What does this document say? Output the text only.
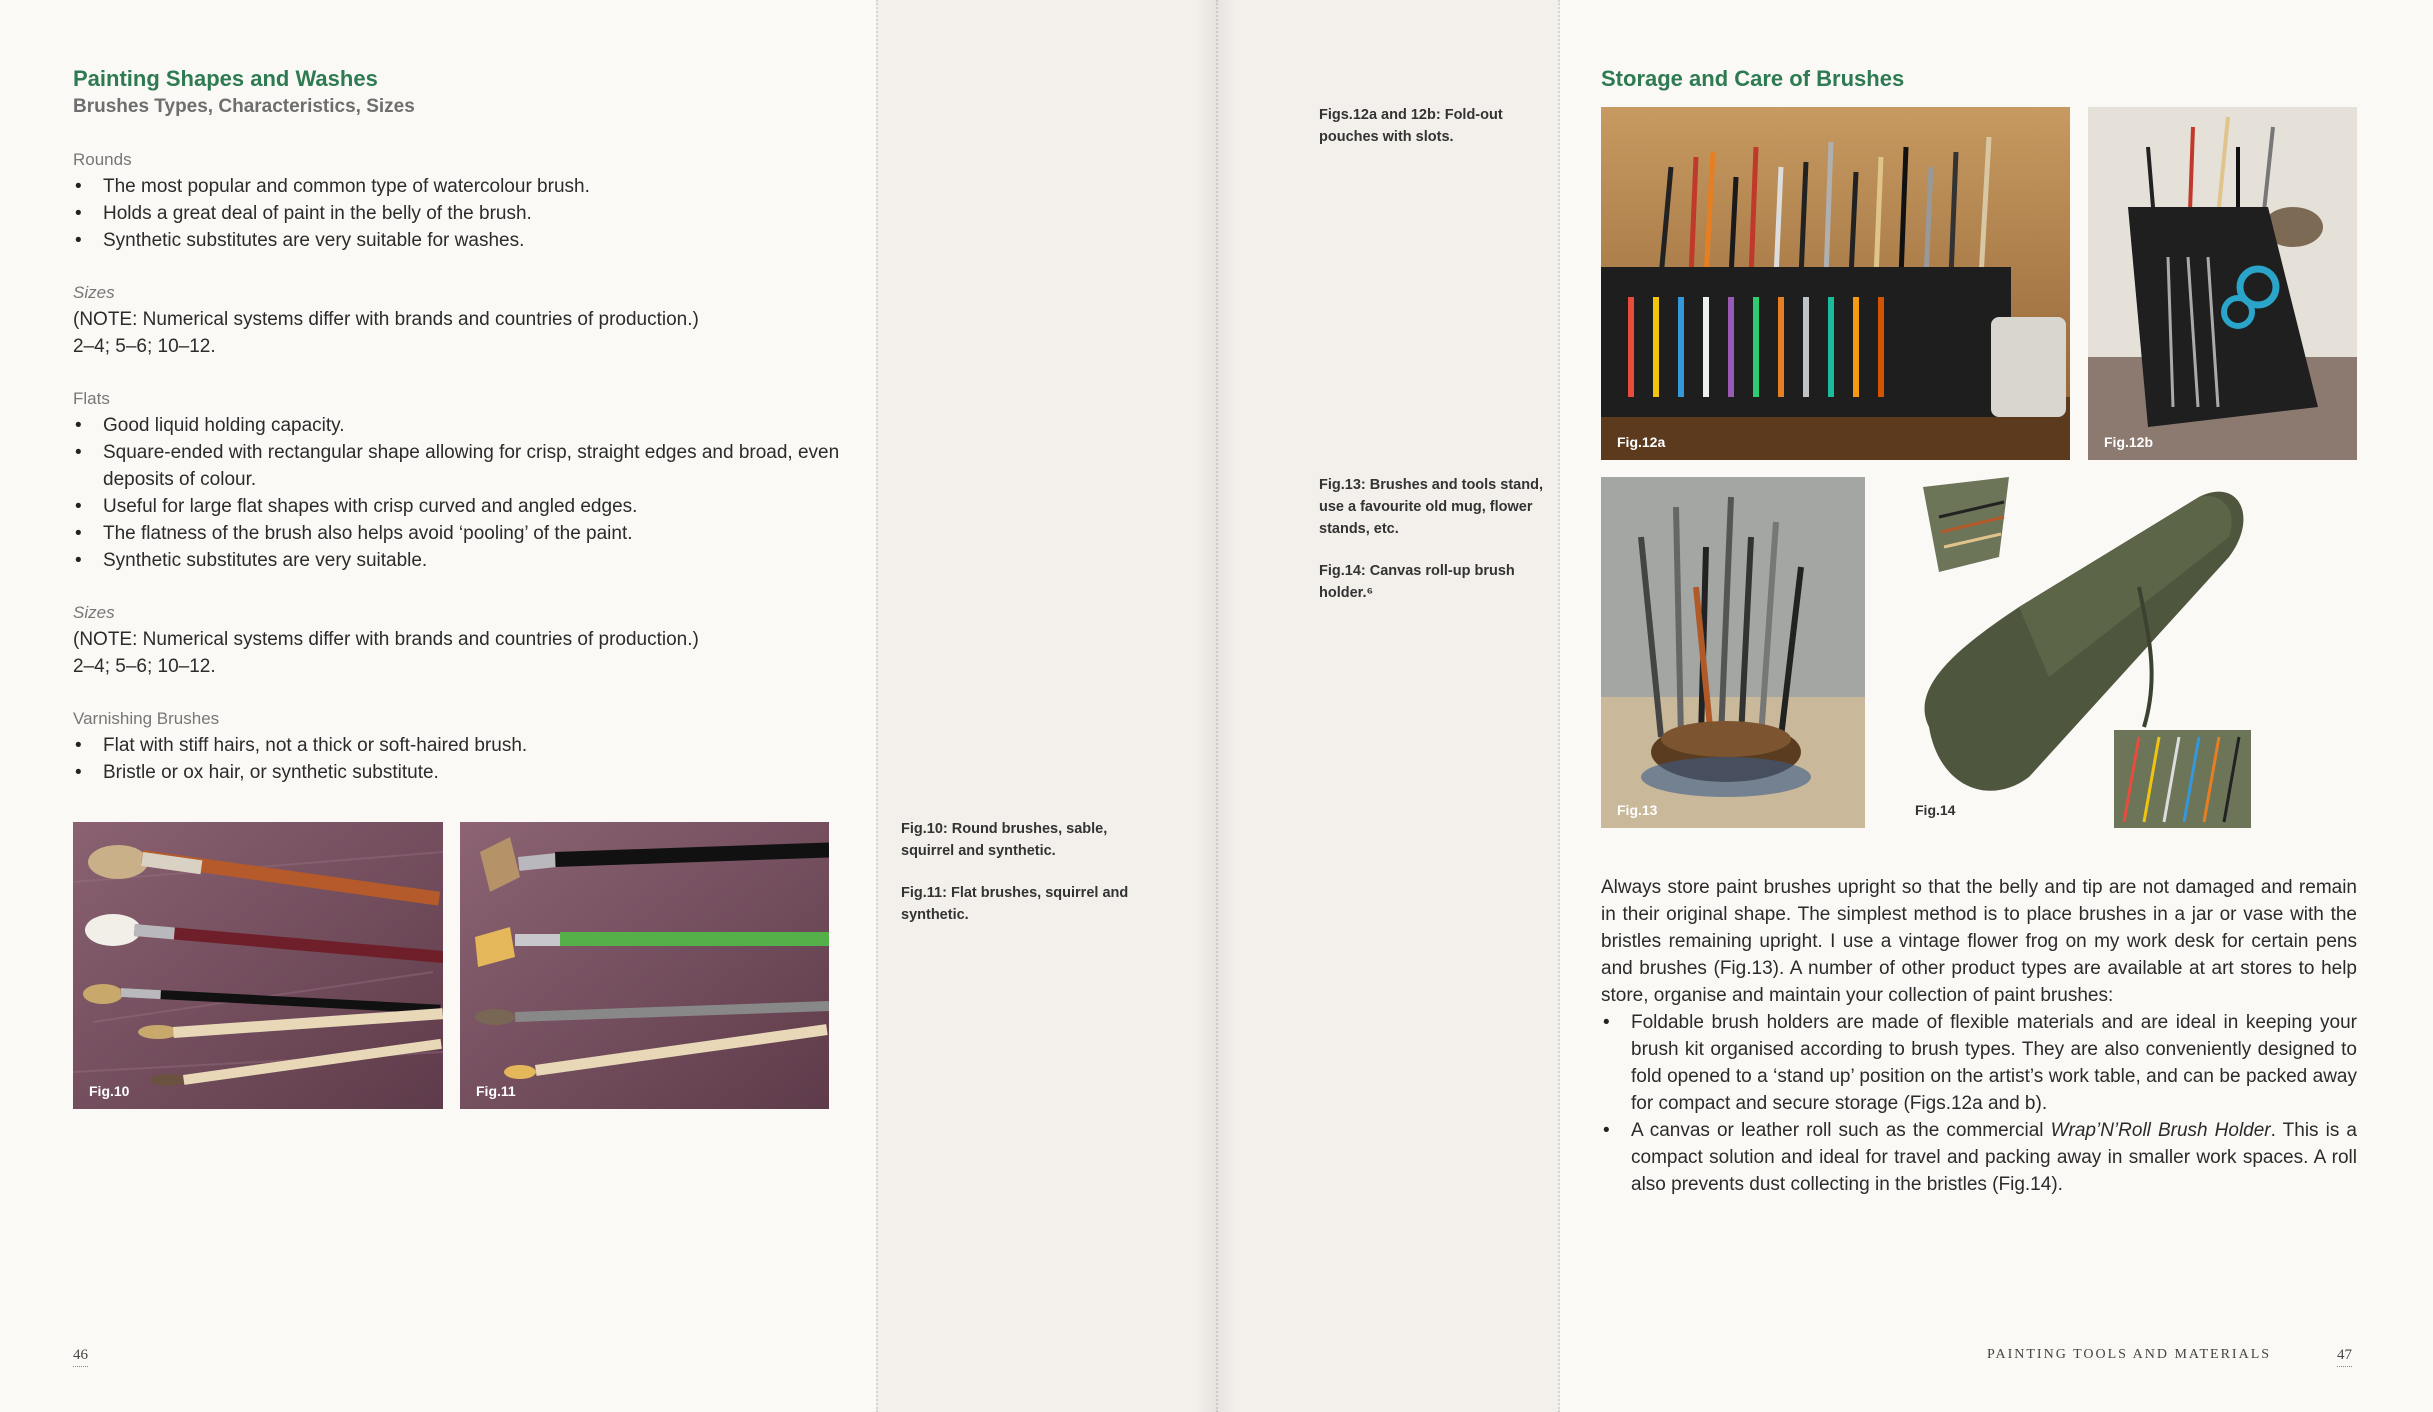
Painting Shapes and Washes
Brushes Types, Characteristics, Sizes
Rounds
• The most popular and common type of watercolour brush.
• Holds a great deal of paint in the belly of the brush.
• Synthetic substitutes are very suitable for washes.
Sizes
(NOTE: Numerical systems differ with brands and countries of production.)
2–4; 5–6; 10–12.
Flats
• Good liquid holding capacity.
• Square-ended with rectangular shape allowing for crisp, straight edges and broad, even deposits of colour.
• Useful for large flat shapes with crisp curved and angled edges.
• The flatness of the brush also helps avoid ‘pooling’ of the paint.
• Synthetic substitutes are very suitable.
Sizes
(NOTE: Numerical systems differ with brands and countries of production.)
2–4; 5–6; 10–12.
Varnishing Brushes
• Flat with stiff hairs, not a thick or soft-haired brush.
• Bristle or ox hair, or synthetic substitute.
Fig.10	Fig.11
46

Fig.10: Round brushes, sable, squirrel and synthetic.

Fig.11: Flat brushes, squirrel and synthetic.

Figs.12a and 12b: Fold-out pouches with slots.

Fig.13: Brushes and tools stand, use a favourite old mug, flower stands, etc.

Fig.14: Canvas roll-up brush holder.⁶

Storage and Care of Brushes
Fig.12a	Fig.12b
Fig.13	Fig.14

Always store paint brushes upright so that the belly and tip are not damaged and remain in their original shape. The simplest method is to place brushes in a jar or vase with the bristles remaining upright. I use a vintage flower frog on my work desk for certain pens and brushes (Fig.13). A number of other product types are available at art stores to help store, organise and maintain your collection of paint brushes:

• Foldable brush holders are made of flexible materials and are ideal in keeping your brush kit organised according to brush types. They are also conveniently designed to fold opened to a ‘stand up’ position on the artist’s work table, and can be packed away for compact and secure storage (Figs.12a and b).
• A canvas or leather roll such as the commercial Wrap’N’Roll Brush Holder. This is a compact solution and ideal for travel and packing away in smaller work spaces. A roll also prevents dust collecting in the bristles (Fig.14).
PAINTING TOOLS AND MATERIALS	47
